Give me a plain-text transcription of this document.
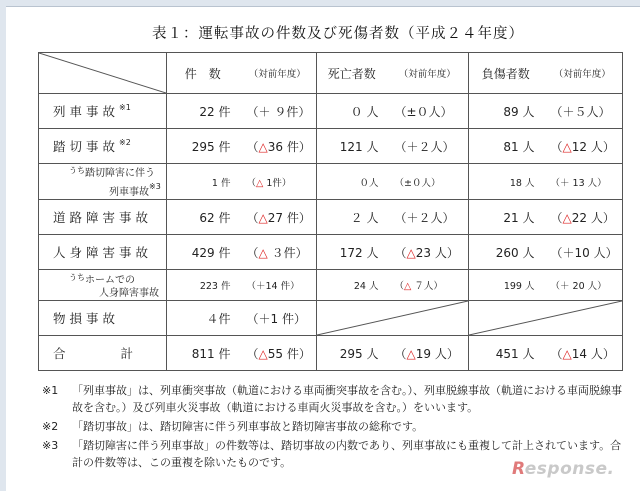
表１：運転事故の件数及び死傷者数（平成２４年度）
	件　数	（対前年度）	死亡者数	（対前年度）	負傷者数	（対前年度）
列車事故$^{※1}$	22 件	（＋ ９件）	０ 人	（±０人）	89 人	（＋５人）
踏切事故$^{※2}$	295 件	（△36 件）	121 人	（＋２人）	81 人	（△12 人）

$^{うち}$踏切障害に伴う
列車事故$^{※3}$	1 件	（△ 1件）	０人	（±０人）	18 人	（＋ 13 人）
道路障害事故	62 件	（△27 件）	２ 人	（＋２人）	21 人	（△22 人）
人身障害事故	429 件	（△ ３件）	172 人	（△23 人）	260 人	（＋10 人）

$^{うち}$ホームでの
人身障害事故	223 件	（＋14 件）	24 人	（△ ７人）	199 人	（＋ 20 人）
物損事故	４件	（＋1 件）	

合　　　　計	811 件	（△55 件）	295 人	（△19 人）	451 人	（△14 人）
※1 「列車事故」は、列車衝突事故（軌道における車両衝突事故を含む。）、列車脱線事故（軌道における車両脱線事故を含む。）及び列車火災事故（軌道における車両火災事故を含む。）をいいます。
※2 「踏切事故」は、踏切障害に伴う列車事故と踏切障害事故の総称です。
※3 「踏切障害に伴う列車事故」の件数等は、踏切事故の内数であり、列車事故にも重複して計上されています。合計の件数等は、この重複を除いたものです。	Response.
